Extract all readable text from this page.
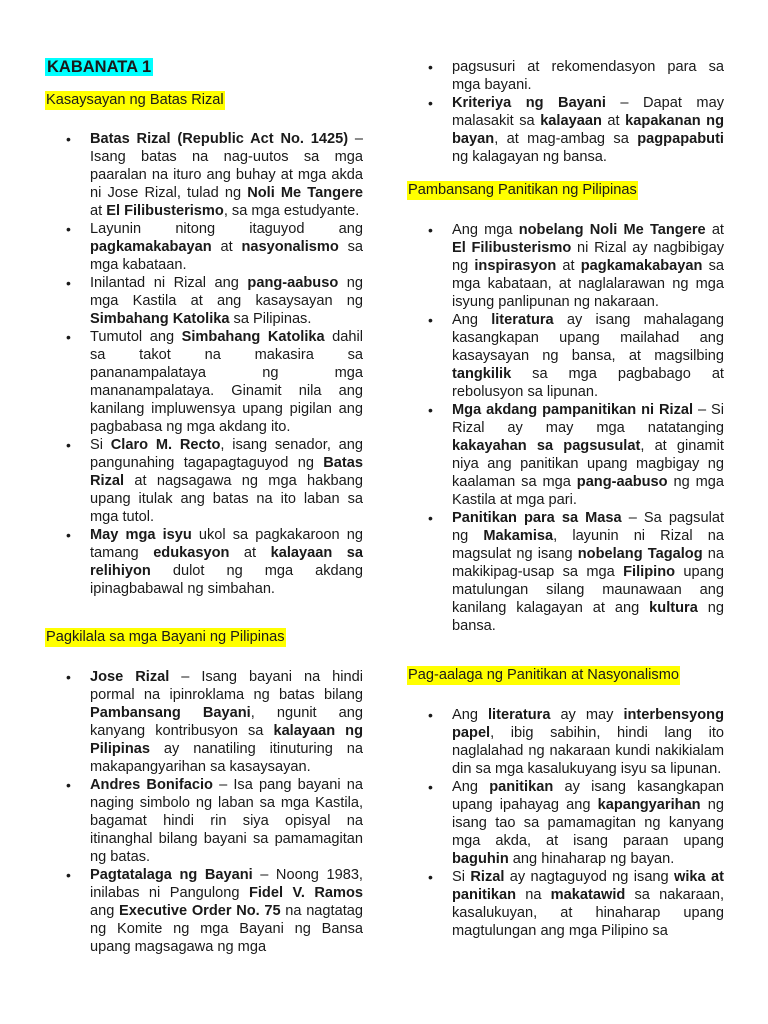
KABANATA 1
Kasaysayan ng Batas Rizal
• Batas Rizal (Republic Act No. 1425) – Isang batas na nag-uutos sa mga paaralan na ituro ang buhay at mga akda ni Jose Rizal, tulad ng Noli Me Tangere at El Filibusterismo, sa mga estudyante.
• Layunin nitong itaguyod ang pagkamakabayan at nasyonalismo sa mga kabataan.
• Inilantad ni Rizal ang pang-aabuso ng mga Kastila at ang kasaysayan ng Simbahang Katolika sa Pilipinas.
• Tumutol ang Simbahang Katolika dahil sa takot na makasira sa pananampalataya ng mga mananampalataya. Ginamit nila ang kanilang impluwensya upang pigilan ang pagbabasa ng mga akdang ito.
• Si Claro M. Recto, isang senador, ang pangunahing tagapagtaguyod ng Batas Rizal at nagsagawa ng mga hakbang upang itulak ang batas na ito laban sa mga tutol.
• May mga isyu ukol sa pagkakaroon ng tamang edukasyon at kalayaan sa relihiyon dulot ng mga akdang ipinagbabawal ng simbahan.
Pagkilala sa mga Bayani ng Pilipinas
• Jose Rizal – Isang bayani na hindi pormal na ipinroklama ng batas bilang Pambansang Bayani, ngunit ang kanyang kontribusyon sa kalayaan ng Pilipinas ay nanatiling itinuturing na makapangyarihan sa kasaysayan.
• Andres Bonifacio – Isa pang bayani na naging simbolo ng laban sa mga Kastila, bagamat hindi rin siya opisyal na itinanghal bilang bayani sa pamamagitan ng batas.
• Pagtatalaga ng Bayani – Noong 1983, inilabas ni Pangulong Fidel V. Ramos ang Executive Order No. 75 na nagtatag ng Komite ng mga Bayani ng Bansa upang magsagawa ng mga
• pagsusuri at rekomendasyon para sa mga bayani.
• Kriteriya ng Bayani – Dapat may malasakit sa kalayaan at kapakanan ng bayan, at mag-ambag sa pagpapabuti ng kalagayan ng bansa.
Pambansang Panitikan ng Pilipinas
• Ang mga nobelang Noli Me Tangere at El Filibusterismo ni Rizal ay nagbibigay ng inspirasyon at pagkamakabayan sa mga kabataan, at naglalarawan ng mga isyung panlipunan ng nakaraan.
• Ang literatura ay isang mahalagang kasangkapan upang mailahad ang kasaysayan ng bansa, at magsilbing tangkilik sa mga pagbabago at rebolusyon sa lipunan.
• Mga akdang pampanitikan ni Rizal – Si Rizal ay may mga natatanging kakayahan sa pagsusulat, at ginamit niya ang panitikan upang magbigay ng kaalaman sa mga pang-aabuso ng mga Kastila at mga pari.
• Panitikan para sa Masa – Sa pagsulat ng Makamisa, layunin ni Rizal na magsulat ng isang nobelang Tagalog na makikipag-usap sa mga Filipino upang matulungan silang maunawaan ang kanilang kalagayan at ang kultura ng bansa.
Pag-aalaga ng Panitikan at Nasyonalismo
• Ang literatura ay may interbensyong papel, ibig sabihin, hindi lang ito naglalahad ng nakaraan kundi nakikialam din sa mga kasalukuyang isyu sa lipunan.
• Ang panitikan ay isang kasangkapan upang ipahayag ang kapangyarihan ng isang tao sa pamamagitan ng kanyang mga akda, at isang paraan upang baguhin ang hinaharap ng bayan.
• Si Rizal ay nagtaguyod ng isang wika at panitikan na makatawid sa nakaraan, kasalukuyan, at hinaharap upang magtulungan ang mga Pilipino sa
